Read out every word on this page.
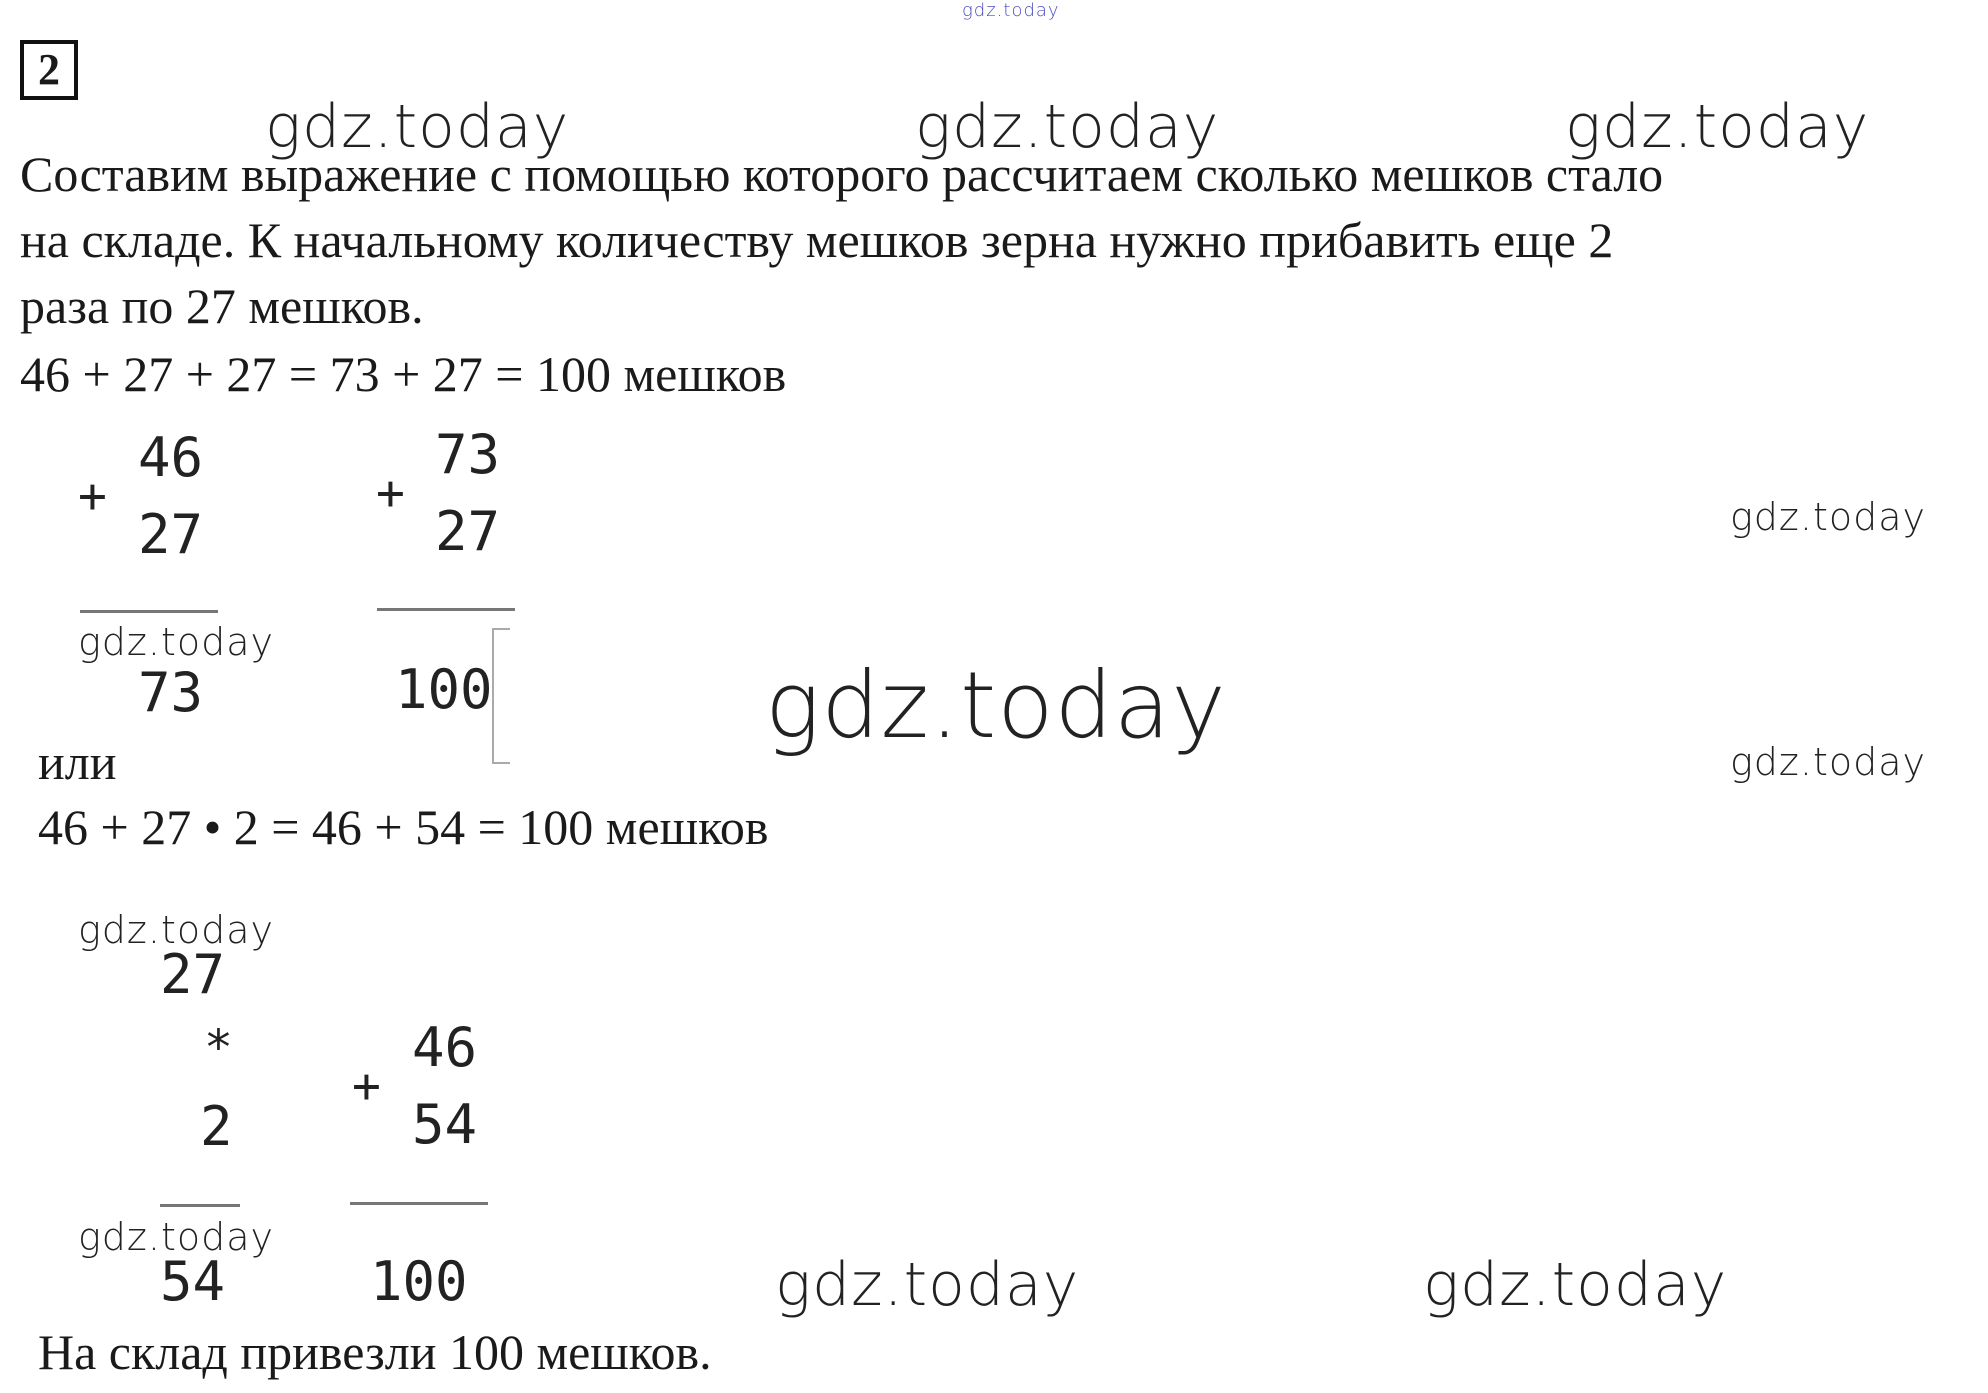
gdz.today
2
gdz.today	gdz.today	gdz.today
Составим выражение с помощью которого рассчитаем сколько мешков стало
на складе. К начальному количеству мешков зерна нужно прибавить еще 2
раза по 27 мешков.
46 + 27 + 27 = 73 + 27 = 100 мешков
+
46
27
gdz.today
73
+
73
27
100
gdz.today
gdz.today
gdz.today
или
46 + 27 • 2 = 46 + 54 = 100 мешков
gdz.today
27
*
2
gdz.today
54
+
46
54
100	gdz.today	gdz.today
На склад привезли 100 мешков.
